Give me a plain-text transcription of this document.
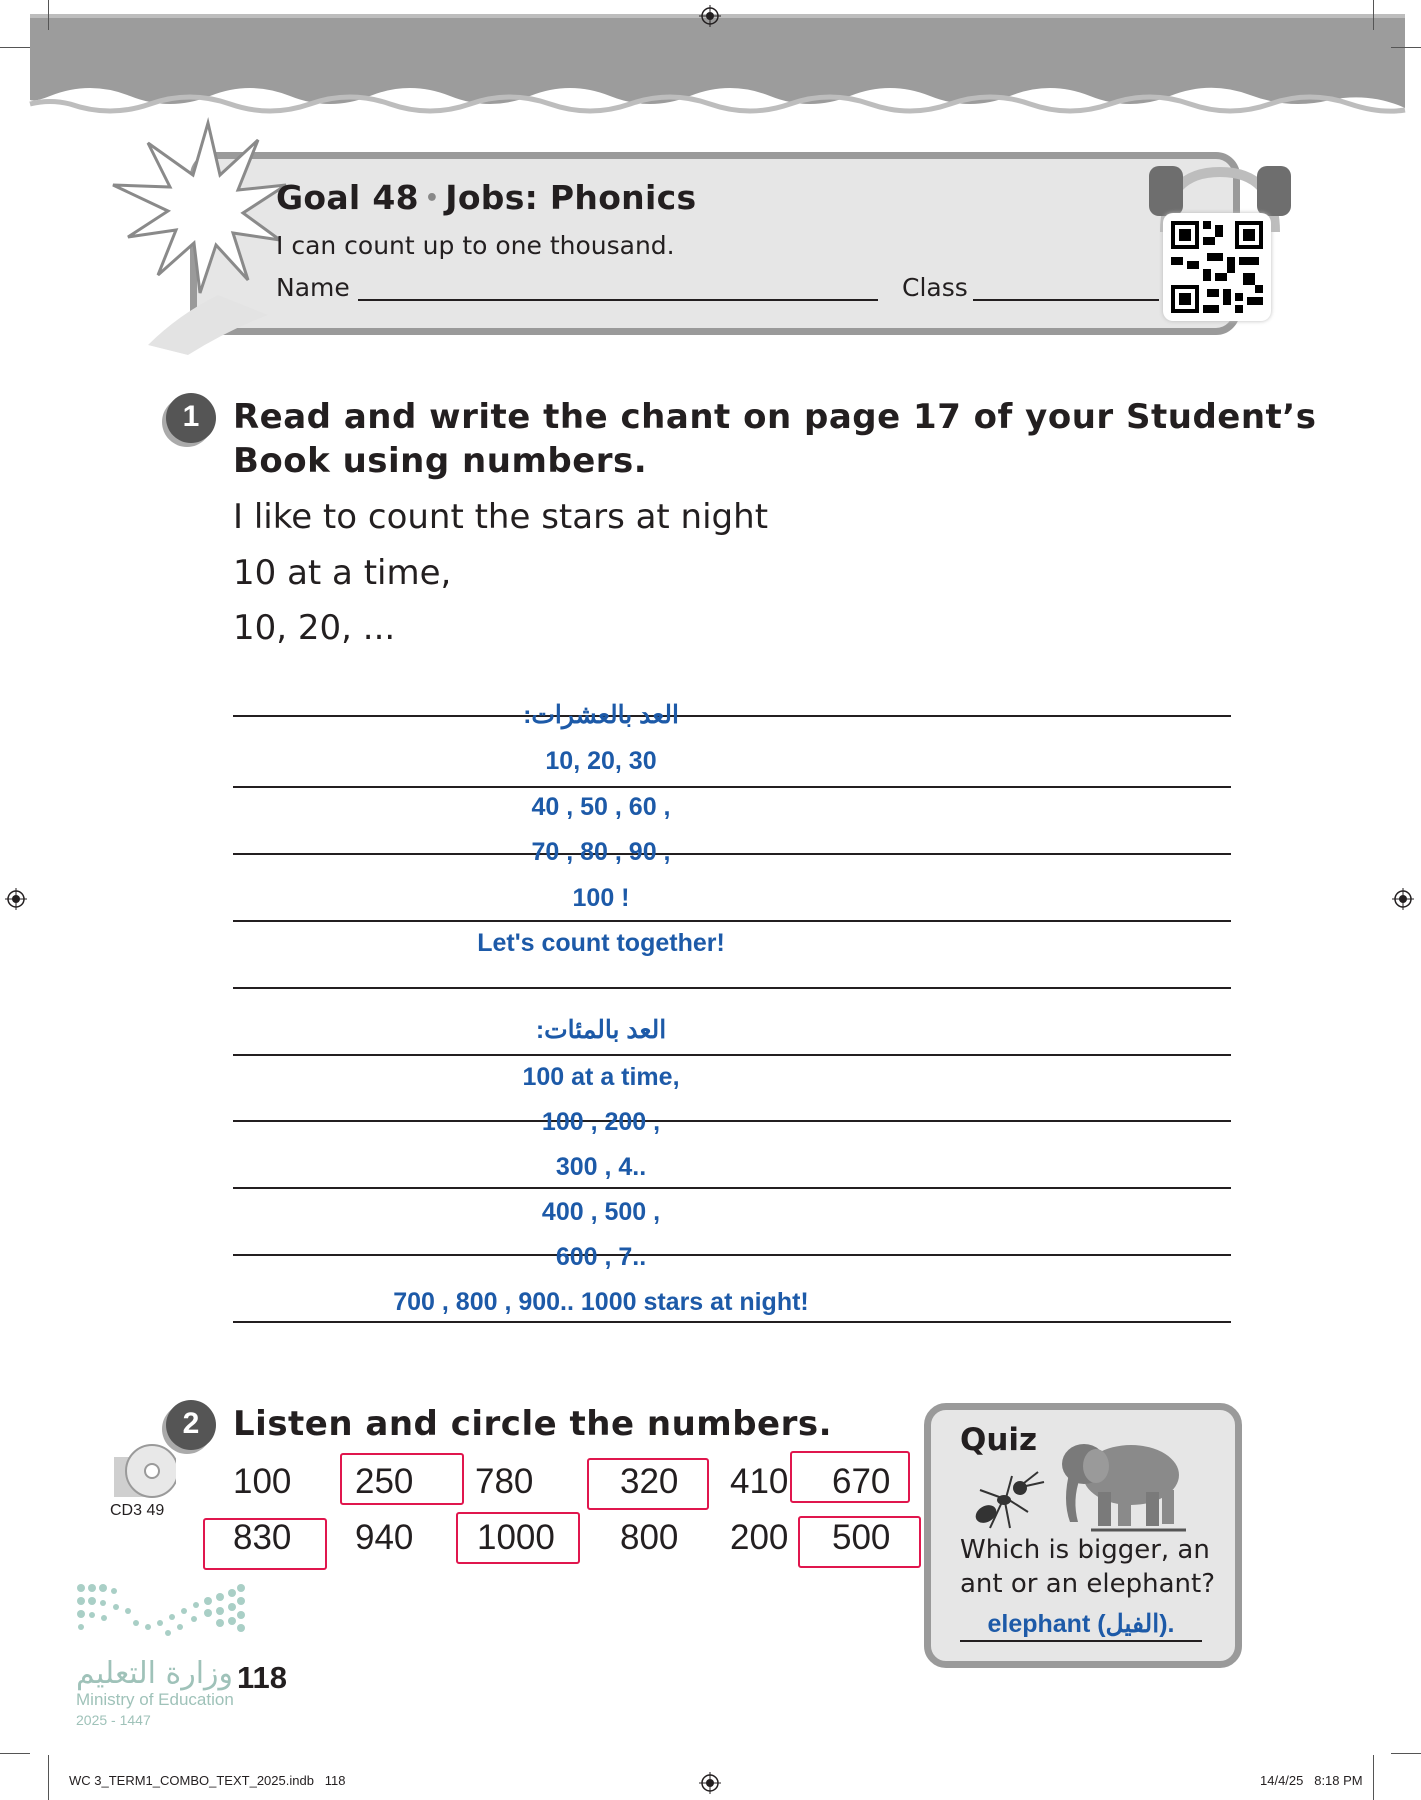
Goal 48 • Jobs: Phonics
I can count up to one thousand.
Name	Class
1 Read and write the chant on page 17 of your Student’s
Book using numbers.
I like to count the stars at night
10 at a time,
10, 20, ...
العد بالعشرات:
10, 20, 30
40 , 50 , 60 ,
70 , 80 , 90 ,
100 !
Let's count together!
العد بالمئات:
100 at a time,
100 , 200 ,
300 , 4..
400 , 500 ,
600 , 7..
700 , 800 , 900.. 1000 stars at night!
2 Listen and circle the numbers.
CD3 49
100 250 780 320 410 670
830 940 1000 800 200 500
Quiz
Which is bigger, an ant or an elephant?
elephant (الفيل).
وزارة التعليم 118
Ministry of Education
2025 - 1447
WC 3_TERM1_COMBO_TEXT_2025.indb   118	14/4/25   8:18 PM
